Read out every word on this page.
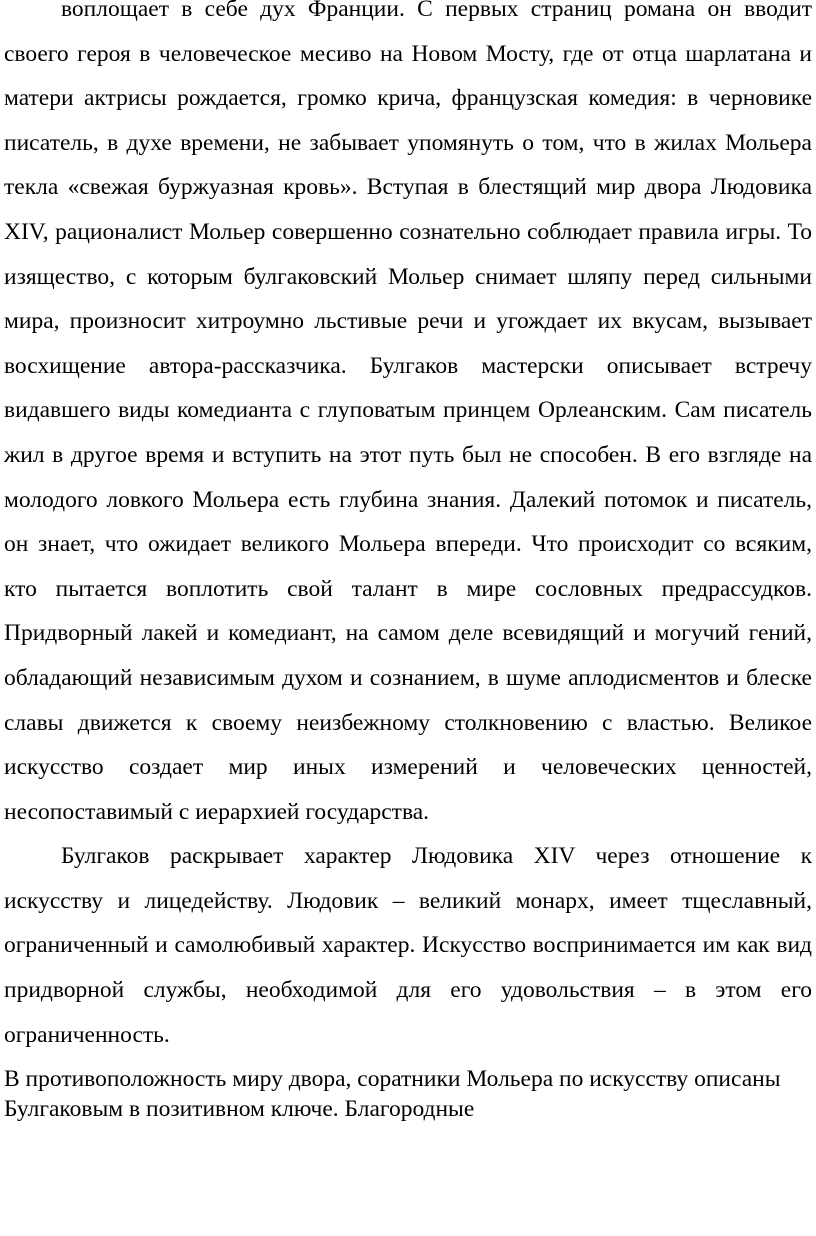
воплощает в себе дух Франции. С первых страниц романа он вводит своего героя в человеческое месиво на Новом Мосту, где от отца шарлатана и матери актрисы рождается, громко крича, французская комедия: в черновике писатель, в духе времени, не забывает упомянуть о том, что в жилах Мольера текла «свежая буржуазная кровь». Вступая в блестящий мир двора Людовика XIV, рационалист Мольер совершенно сознательно соблюдает правила игры. То изящество, с которым булгаковский Мольер снимает шляпу перед сильными мира, произносит хитроумно льстивые речи и угождает их вкусам, вызывает восхищение автора-рассказчика. Булгаков мастерски описывает встречу видавшего виды комедианта с глуповатым принцем Орлеанским. Сам писатель жил в другое время и вступить на этот путь был не способен. В его взгляде на молодого ловкого Мольера есть глубина знания. Далекий потомок и писатель, он знает, что ожидает великого Мольера впереди. Что происходит со всяким, кто пытается воплотить свой талант в мире сословных предрассудков. Придворный лакей и комедиант, на самом деле всевидящий и могучий гений, обладающий независимым духом и сознанием, в шуме аплодисментов и блеске славы движется к своему неизбежному столкновению с властью. Великое искусство создает мир иных измерений и человеческих ценностей, несопоставимый с иерархией государства.

Булгаков раскрывает характер Людовика XIV через отношение к искусству и лицедейству. Людовик – великий монарх, имеет тщеславный, ограниченный и самолюбивый характер. Искусство воспринимается им как вид придворной службы, необходимой для его удовольствия – в этом его ограниченность.

В противоположность миру двора, соратники Мольера по искусству описаны Булгаковым в позитивном ключе. Благородные
